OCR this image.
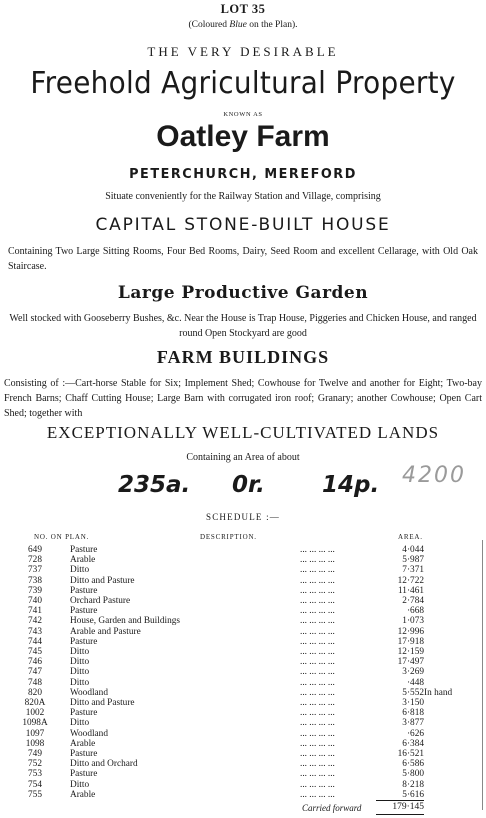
LOT 35
(Coloured Blue on the Plan).
THE VERY DESIRABLE
Freehold Agricultural Property
KNOWN AS
Oatley Farm
PETERCHURCH, MEREFORD
Situate conveniently for the Railway Station and Village, comprising
CAPITAL STONE-BUILT HOUSE
Containing Two Large Sitting Rooms, Four Bed Rooms, Dairy, Seed Room and excellent Cellarage, with Old Oak Staircase.
Large Productive Garden
Well stocked with Gooseberry Bushes, &c. Near the House is Trap House, Piggeries and Chicken House, and ranged round Open Stockyard are good
FARM BUILDINGS
Consisting of :—Cart-horse Stable for Six; Implement Shed; Cowhouse for Twelve and another for Eight; Two-bay French Barns; Chaff Cutting House; Large Barn with corrugated iron roof; Granary; another Cowhouse; Open Cart Shed; together with
EXCEPTIONALLY WELL-CULTIVATED LANDS
Containing an Area of about
235a. 0r. 14p. 4200
SCHEDULE :—
NO. ON PLAN.	DESCRIPTION.	AREA.
649	Pasture	... ... ... ...	4·044	
728	Arable	... ... ... ...	5·987	
737	Ditto	... ... ... ...	7·371	
738	Ditto and Pasture	... ... ... ...	12·722	
739	Pasture	... ... ... ...	11·461	
740	Orchard Pasture	... ... ... ...	2·784	
741	Pasture	... ... ... ...	·668	
742	House, Garden and Buildings	... ... ... ...	1·073	
743	Arable and Pasture	... ... ... ...	12·996	
744	Pasture	... ... ... ...	17·918	
745	Ditto	... ... ... ...	12·159	
746	Ditto	... ... ... ...	17·497	
747	Ditto	... ... ... ...	3·269	
748	Ditto	... ... ... ...	·448	
820	Woodland	... ... ... ...	5·552	In hand
820A	Ditto and Pasture	... ... ... ...	3·150	
1002	Pasture	... ... ... ...	6·818	
1098A	Ditto	... ... ... ...	3·877	
1097	Woodland	... ... ... ...	·626	
1098	Arable	... ... ... ...	6·384	
749	Pasture	... ... ... ...	16·521	
752	Ditto and Orchard	... ... ... ...	6·586	
753	Pasture	... ... ... ...	5·800	
754	Ditto	... ... ... ...	8·218	
755	Arable	... ... ... ...	5·616	
Carried forward	179·145
